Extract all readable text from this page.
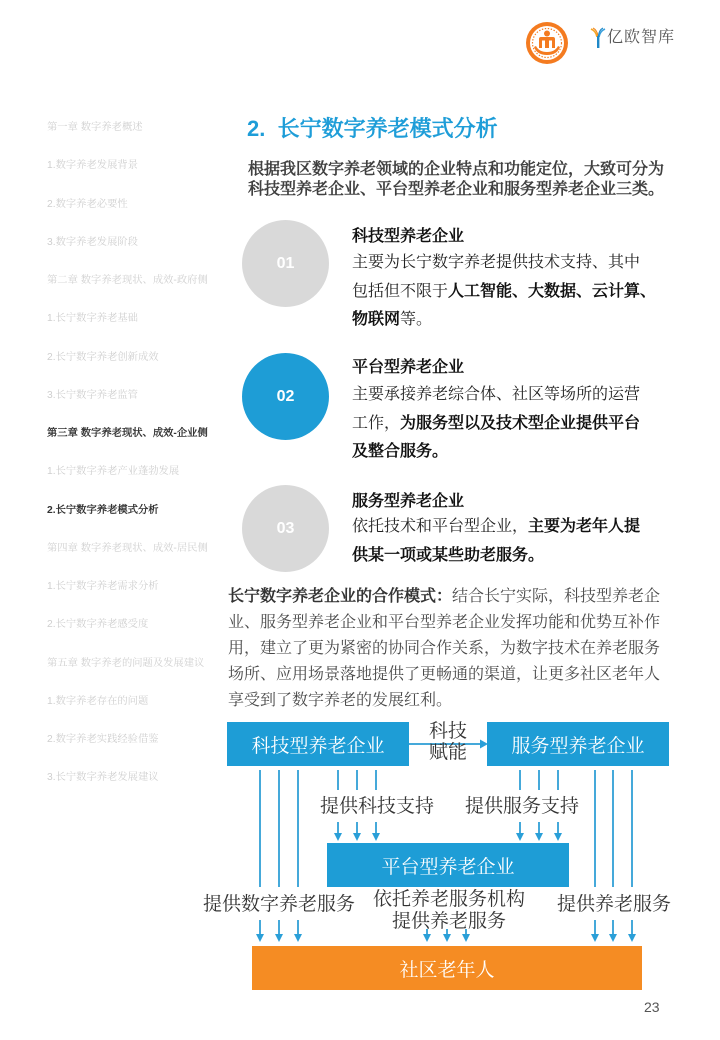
亿欧智库
第一章 数字养老概述
1.数字养老发展背景
2.数字养老必要性
3.数字养老发展阶段
第二章 数字养老现状、成效-政府侧
1.长宁数字养老基础
2.长宁数字养老创新成效
3.长宁数字养老监管
第三章 数字养老现状、成效-企业侧
1.长宁数字养老产业蓬勃发展
2.长宁数字养老模式分析
第四章 数字养老现状、成效-居民侧
1.长宁数字养老需求分析
2.长宁数字养老感受度
第五章 数字养老的问题及发展建议
1.数字养老存在的问题
2.数字养老实践经验借鉴
3.长宁数字养老发展建议
2.  长宁数字养老模式分析
根据我区数字养老领域的企业特点和功能定位，大致可分为
科技型养老企业、平台型养老企业和服务型养老企业三类。
01
科技型养老企业
主要为长宁数字养老提供技术支持、其中
包括但不限于人工智能、大数据、云计算、
物联网等。
02
平台型养老企业
主要承接养老综合体、社区等场所的运营
工作，为服务型以及技术型企业提供平台
及整合服务。
03
服务型养老企业
依托技术和平台型企业，主要为老年人提
供某一项或某些助老服务。
长宁数字养老企业的合作模式：结合长宁实际，科技型养老企
业、服务型养老企业和平台型养老企业发挥功能和优势互补作
用，建立了更为紧密的协同合作关系，为数字技术在养老服务
场所、应用场景落地提供了更畅通的渠道，让更多社区老年人
享受到了数字养老的发展红利。
科技型养老企业	服务型养老企业
平台型养老企业
社区老年人
科技
赋能
提供科技支持 提供服务支持
提供数字养老服务 依托养老服务机构
提供养老服务
提供养老服务
23
